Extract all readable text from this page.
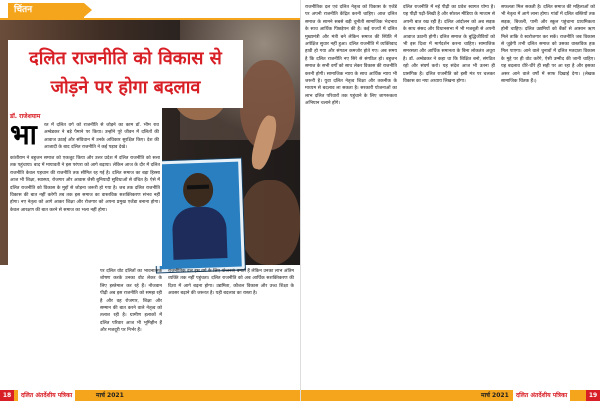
चिंतन
दलित राजनीति को विकास से
जोड़ने पर होगा बदलाव
डॉ. राजेशयाम
भा रत में दलित वर्ग को राजनीति से जोड़ने का काम डॉ. भीम राव अम्बेडकर ने बड़े पैमाने पर किया। उन्होंने पूरे जीवन में दलितों की आवाज उठाई और संविधान में उनके अधिकार सुरक्षित किए। देश की आजादी के बाद दलित राजनीति ने कई पड़ाव देखे।
कांशीराम ने बहुजन समाज को एकजुट किया और उत्तर प्रदेश में दलित राजनीति को सत्ता तक पहुंचाया। बाद में मायावती ने इस परंपरा को आगे बढ़ाया। लेकिन आज के दौर में दलित राजनीति केवल पहचान की राजनीति तक सीमित रह गई है। दलित समाज का बड़ा हिस्सा आज भी शिक्षा, स्वास्थ्य, रोजगार और आवास जैसी बुनियादी सुविधाओं से वंचित है। ऐसे में दलित राजनीति को विकास के मुद्दों से जोड़ना जरूरी हो गया है। जब तक दलित राजनीति विकास की बात नहीं करेगी तब तक इस समाज का वास्तविक सशक्तिकरण संभव नहीं होगा। नए नेतृत्व को आगे आकर शिक्षा और रोजगार को अपना प्रमुख एजेंडा बनाना होगा। केवल आरक्षण की बात करने से समाज का भला नहीं होगा।
पर दलित वोट दलितों का भावनात्मक शोषण करके उनका वोट लेकर के लिए इस्तेमाल कर रहे हैं। नौजवान पीढ़ी अब इस राजनीति को समझ रही है और वह रोजगार, शिक्षा और सम्मान की बात करने वाले नेतृत्व को तलाश रही है। ग्रामीण इलाकों में दलित परिवार आज भी भूमिहीन हैं और मजदूरी पर निर्भर हैं।
राजनीतिक दल इस वर्ग के लिए योजनाएं बनाते हैं लेकिन उनका लाभ अंतिम व्यक्ति तक नहीं पहुंचता। दलित राजनीति को अब आर्थिक सशक्तिकरण की दिशा में आगे बढ़ना होगा। उद्यमिता, कौशल विकास और उच्च शिक्षा के अवसर बढ़ाने की जरूरत है। यही बदलाव का रास्ता है।
18	दलित अंतर्देशीय पत्रिका	मार्च 2021
राजनीतिक दल एवं दलित नेतृत्व को विकास के एजेंडे पर अपनी राजनीति केंद्रित करनी चाहिए। आज दलित समाज के सामने सबसे बड़ी चुनौती सामाजिक भेदभाव के साथ आर्थिक पिछड़ेपन की है। कई राज्यों में दलित मुख्यमंत्री और मंत्री बने लेकिन समाज की स्थिति में अपेक्षित सुधार नहीं हुआ। दलित राजनीति में व्यक्तिवाद हावी हो गया और संगठन कमजोर होते गए। अब समय है कि दलित राजनीति नए सिरे से संगठित हो। बहुजन समाज के सभी वर्गों को साथ लेकर विकास की राजनीति करनी होगी। सामाजिक न्याय के साथ आर्थिक न्याय भी जरूरी है। युवा दलित नेतृत्व शिक्षा और तकनीक के माध्यम से बदलाव ला सकता है। सरकारी योजनाओं का लाभ दलित परिवारों तक पहुंचाने के लिए जागरूकता अभियान चलाने होंगे।
दलित राजनीति में नई पीढ़ी का प्रवेश स्वागत योग्य है। यह पीढ़ी पढ़ी-लिखी है और सोशल मीडिया के माध्यम से अपनी बात रख रही है। दलित आंदोलन को अब सड़क के साथ संसद और विधानसभा में भी मजबूती से अपनी आवाज उठानी होगी। दलित समाज के बुद्धिजीवियों को भी इस दिशा में मार्गदर्शन करना चाहिए। सामाजिक समरसता और आर्थिक समानता के बिना लोकतंत्र अधूरा है। डॉ. अम्बेडकर ने कहा था कि शिक्षित बनो, संगठित रहो और संघर्ष करो। यह संदेश आज भी उतना ही प्रासंगिक है। दलित राजनीति को इसी मंत्र पर चलकर विकास का नया अध्याय लिखना होगा।
सफलता मिल सकती है। दलित समाज की महिलाओं को भी नेतृत्व में आगे लाना होगा। गांवों में दलित बस्तियों तक सड़क, बिजली, पानी और स्कूल पहुंचाना प्राथमिकता होनी चाहिए। दलित उद्यमियों को बैंकों से आसान ऋण मिले ताकि वे स्वरोजगार कर सकें। राजनीति जब विकास से जुड़ेगी तभी दलित समाज को उसका वास्तविक हक मिल पाएगा। आने वाले चुनावों में दलित मतदाता विकास के मुद्दे पर ही वोट करेंगे, ऐसी उम्मीद की जानी चाहिए। यह बदलाव धीरे-धीरे ही सही पर आ रहा है और इसका असर आने वाले वर्षों में साफ दिखाई देगा। (लेखक सामाजिक चिंतक हैं।)
मार्च 2021	दलित अंतर्देशीय पत्रिका	19
